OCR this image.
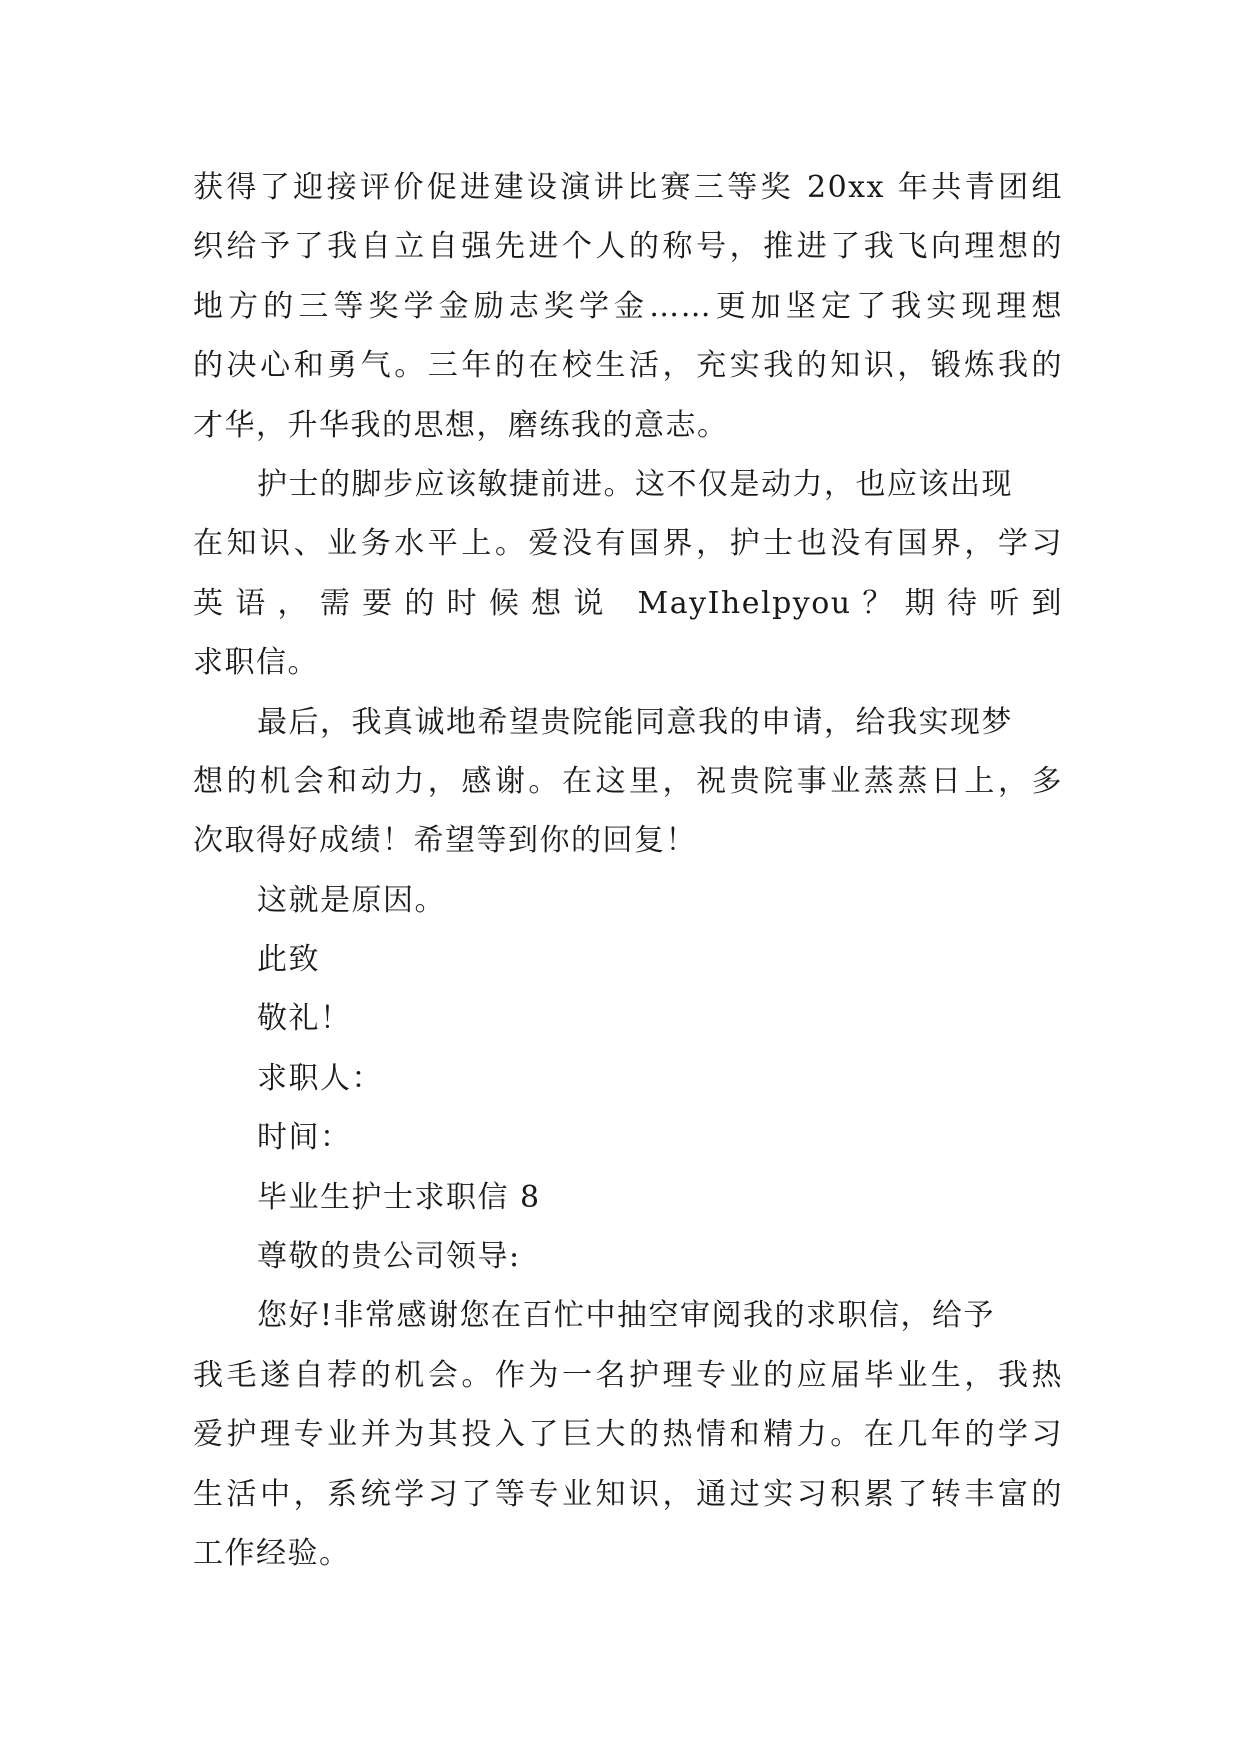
获得了迎接评价促进建设演讲比赛三等奖 20xx 年共青团组
织给予了我自立自强先进个人的称号，推进了我飞向理想的
地方的三等奖学金励志奖学金……更加坚定了我实现理想
的决心和勇气。三年的在校生活，充实我的知识，锻炼我的
才华，升华我的思想，磨练我的意志。
护士的脚步应该敏捷前进。这不仅是动力，也应该出现
在知识、业务水平上。爱没有国界，护士也没有国界，学习
英语，需要的时候想说 MayIhelpyou？期待听到
求职信。
最后，我真诚地希望贵院能同意我的申请，给我实现梦
想的机会和动力，感谢。在这里，祝贵院事业蒸蒸日上，多
次取得好成绩！希望等到你的回复！
这就是原因。
此致
敬礼！
求职人：
时间：
毕业生护士求职信 8
尊敬的贵公司领导:
您好!非常感谢您在百忙中抽空审阅我的求职信，给予
我毛遂自荐的机会。作为一名护理专业的应届毕业生，我热
爱护理专业并为其投入了巨大的热情和精力。在几年的学习
生活中，系统学习了等专业知识，通过实习积累了转丰富的
工作经验。
